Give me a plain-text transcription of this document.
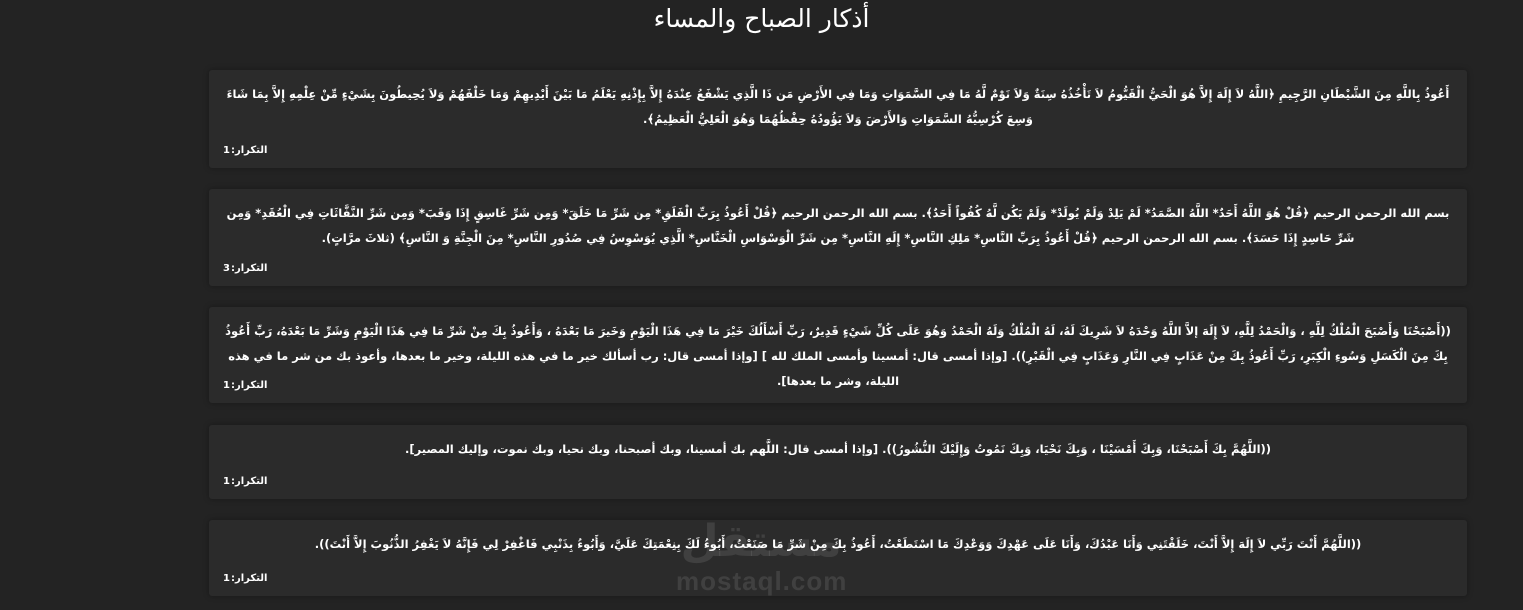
أذكار الصباح والمساء

أَعُوذُ بِاللَّهِ مِنَ الشَّيْطَانِ الرَّجِيمِ ﴿اللَّهُ لاَ إِلَهَ إِلاَّ هُوَ الْحَيُّ الْقَيُّومُ لاَ تَأْخُذُهُ سِنَةٌ وَلاَ نَوْمٌ لَّهُ مَا فِي السَّمَوَاتِ وَمَا فِي الأَرْضِ مَن ذَا الَّذِي يَشْفَعُ عِنْدَهُ إِلاَّ بِإِذْنِهِ يَعْلَمُ مَا بَيْنَ أَيْدِيهِمْ وَمَا خَلْفَهُمْ وَلاَ يُحِيطُونَ بِشَيْءٍ مِّنْ عِلْمِهِ إِلاَّ بِمَا شَاءَ وَسِعَ كُرْسِيُّهُ السَّمَوَاتِ وَالأَرْضَ وَلاَ يَؤُودُهُ حِفْظُهُمَا وَهُوَ الْعَلِيُّ الْعَظِيمُ﴾.

التكرار:1

بسم الله الرحمن الرحيم ﴿قُلْ هُوَ اللَّهُ أَحَدٌ* اللَّهُ الصَّمَدُ* لَمْ يَلِدْ وَلَمْ يُولَدْ* وَلَمْ يَكُن لَّهُ كُفُواً أَحَدٌ﴾. بسم الله الرحمن الرحيم ﴿قُلْ أَعُوذُ بِرَبِّ الْفَلَقِ* مِن شَرِّ مَا خَلَقَ* وَمِن شَرِّ غَاسِقٍ إِذَا وَقَبَ* وَمِن شَرِّ النَّفَّاثَاتِ فِي الْعُقَدِ* وَمِن شَرِّ حَاسِدٍ إِذَا حَسَدَ﴾. بسم الله الرحمن الرحيم ﴿قُلْ أَعُوذُ بِرَبِّ النَّاسِ* مَلِكِ النَّاسِ* إِلَهِ النَّاسِ* مِن شَرِّ الْوَسْوَاسِ الْخَنَّاسِ* الَّذِي يُوَسْوِسُ فِي صُدُورِ النَّاسِ* مِنَ الْجِنَّةِ وَ النَّاسِ﴾ (ثلاثَ مرَّاتٍ).

التكرار:3

((أَصْبَحْنَا وَأَصْبَحَ الْمُلْكُ لِلَّهِ ، وَالْحَمْدُ لِلَّهِ، لاَ إِلَهَ إلاَّ اللَّهُ وَحْدَهُ لاَ شَرِيكَ لَهُ، لَهُ الْمُلْكُ وَلَهُ الْحَمْدُ وَهُوَ عَلَى كُلِّ شَيْءٍ قَدِيرٌ، رَبِّ أَسْأَلُكَ خَيْرَ مَا فِي هَذَا الْيَوْمِ وَخَيرَ مَا بَعْدَهُ ، وَأَعُوذُ بِكَ مِنْ شَرِّ مَا فِي هَذَا الْيَوْمِ وَشَرِّ مَا بَعْدَهُ، رَبِّ أَعُوذُ بِكَ مِنَ الْكَسَلِ وَسُوءِ الْكِبَرِ، رَبِّ أَعُوذُ بِكَ مِنْ عَذَابٍ فِي النَّارِ وَعَذَابٍ فِي الْقَبْرِ)). [وإذا أمسى قال: أمسينا وأمسى الملك لله ] [وإذا أمسى قال: رب أسألك خير ما في هذه الليلة، وخير ما بعدها، وأعوذ بك من شر ما في هذه الليلة، وشر ما بعدها].

التكرار:1

((اللَّهُمَّ بِكَ أَصْبَحْنَا، وَبِكَ أَمْسَيْنَا ، وَبِكَ نَحْيَا، وَبِكَ نَمُوتُ وَإِلَيْكَ النُّشُورُ)). [وإذا أمسى قال: اللَّهم بك أمسينا، وبك أصبحنا، وبك نحيا، وبك نموت، وإليك المصير].

التكرار:1

((اللَّهُمَّ أَنْتَ رَبِّي لاَ إِلَهَ إِلاَّ أَنْتَ، خَلَقْتَنِي وَأَنَا عَبْدُكَ، وَأَنَا عَلَى عَهْدِكَ وَوَعْدِكَ مَا اسْتَطَعْتُ، أَعُوذُ بِكَ مِنْ شَرِّ مَا صَنَعْتُ، أَبُوءُ لَكَ بِنِعْمَتِكَ عَلَيَّ، وَأَبُوءُ بِذَنْبِي فَاغْفِرْ لِي فَإِنَّهُ لاَ يَغْفِرُ الذُّنُوبَ إِلاَّ أَنْتَ)).

التكرار:1
